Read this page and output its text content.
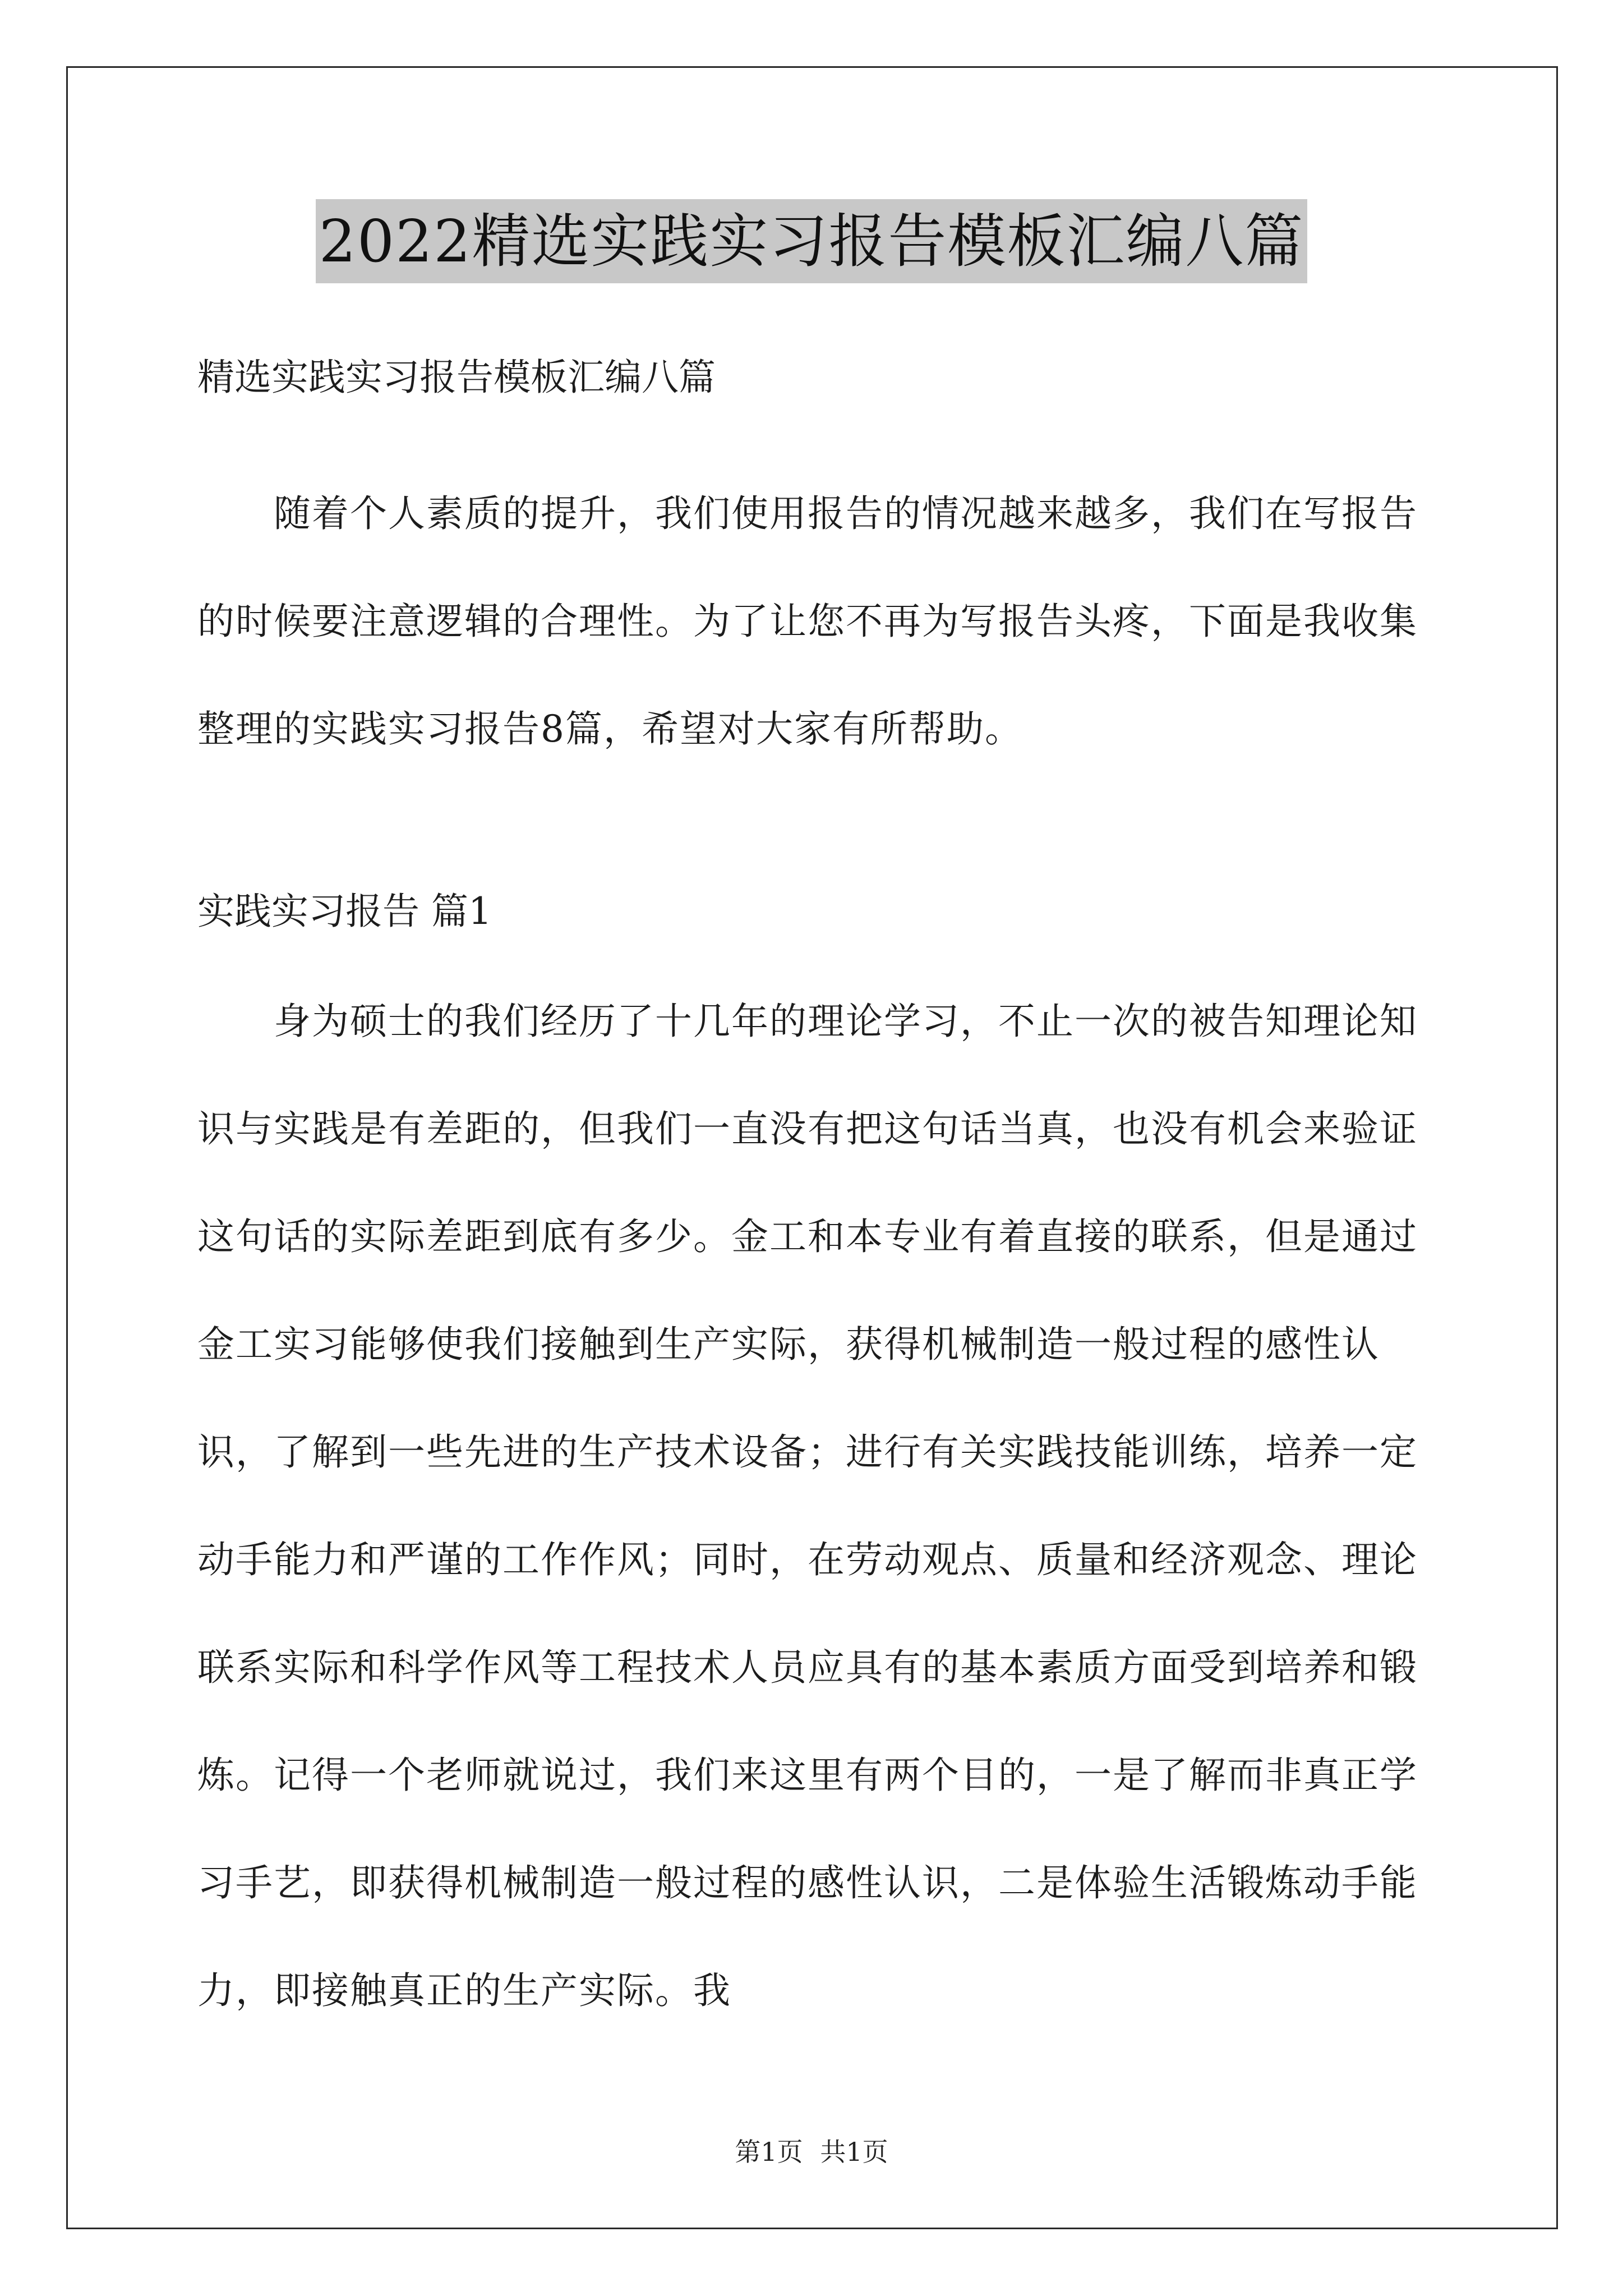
2022精选实践实习报告模板汇编八篇
精选实践实习报告模板汇编八篇
随着个人素质的提升，我们使用报告的情况越来越多，我们在写报告的时候要注意逻辑的合理性。为了让您不再为写报告头疼，下面是我收集整理的实践实习报告8篇，希望对大家有所帮助。
实践实习报告 篇1
身为硕士的我们经历了十几年的理论学习，不止一次的被告知理论知识与实践是有差距的，但我们一直没有把这句话当真，也没有机会来验证这句话的实际差距到底有多少。金工和本专业有着直接的联系，但是通过金工实习能够使我们接触到生产实际，获得机械制造一般过程的感性认识，了解到一些先进的生产技术设备；进行有关实践技能训练，培养一定动手能力和严谨的工作作风；同时，在劳动观点、质量和经济观念、理论联系实际和科学作风等工程技术人员应具有的基本素质方面受到培养和锻炼。记得一个老师就说过，我们来这里有两个目的，一是了解而非真正学习手艺，即获得机械制造一般过程的感性认识，二是体验生活锻炼动手能力，即接触真正的生产实际。我
第1页 共1页
